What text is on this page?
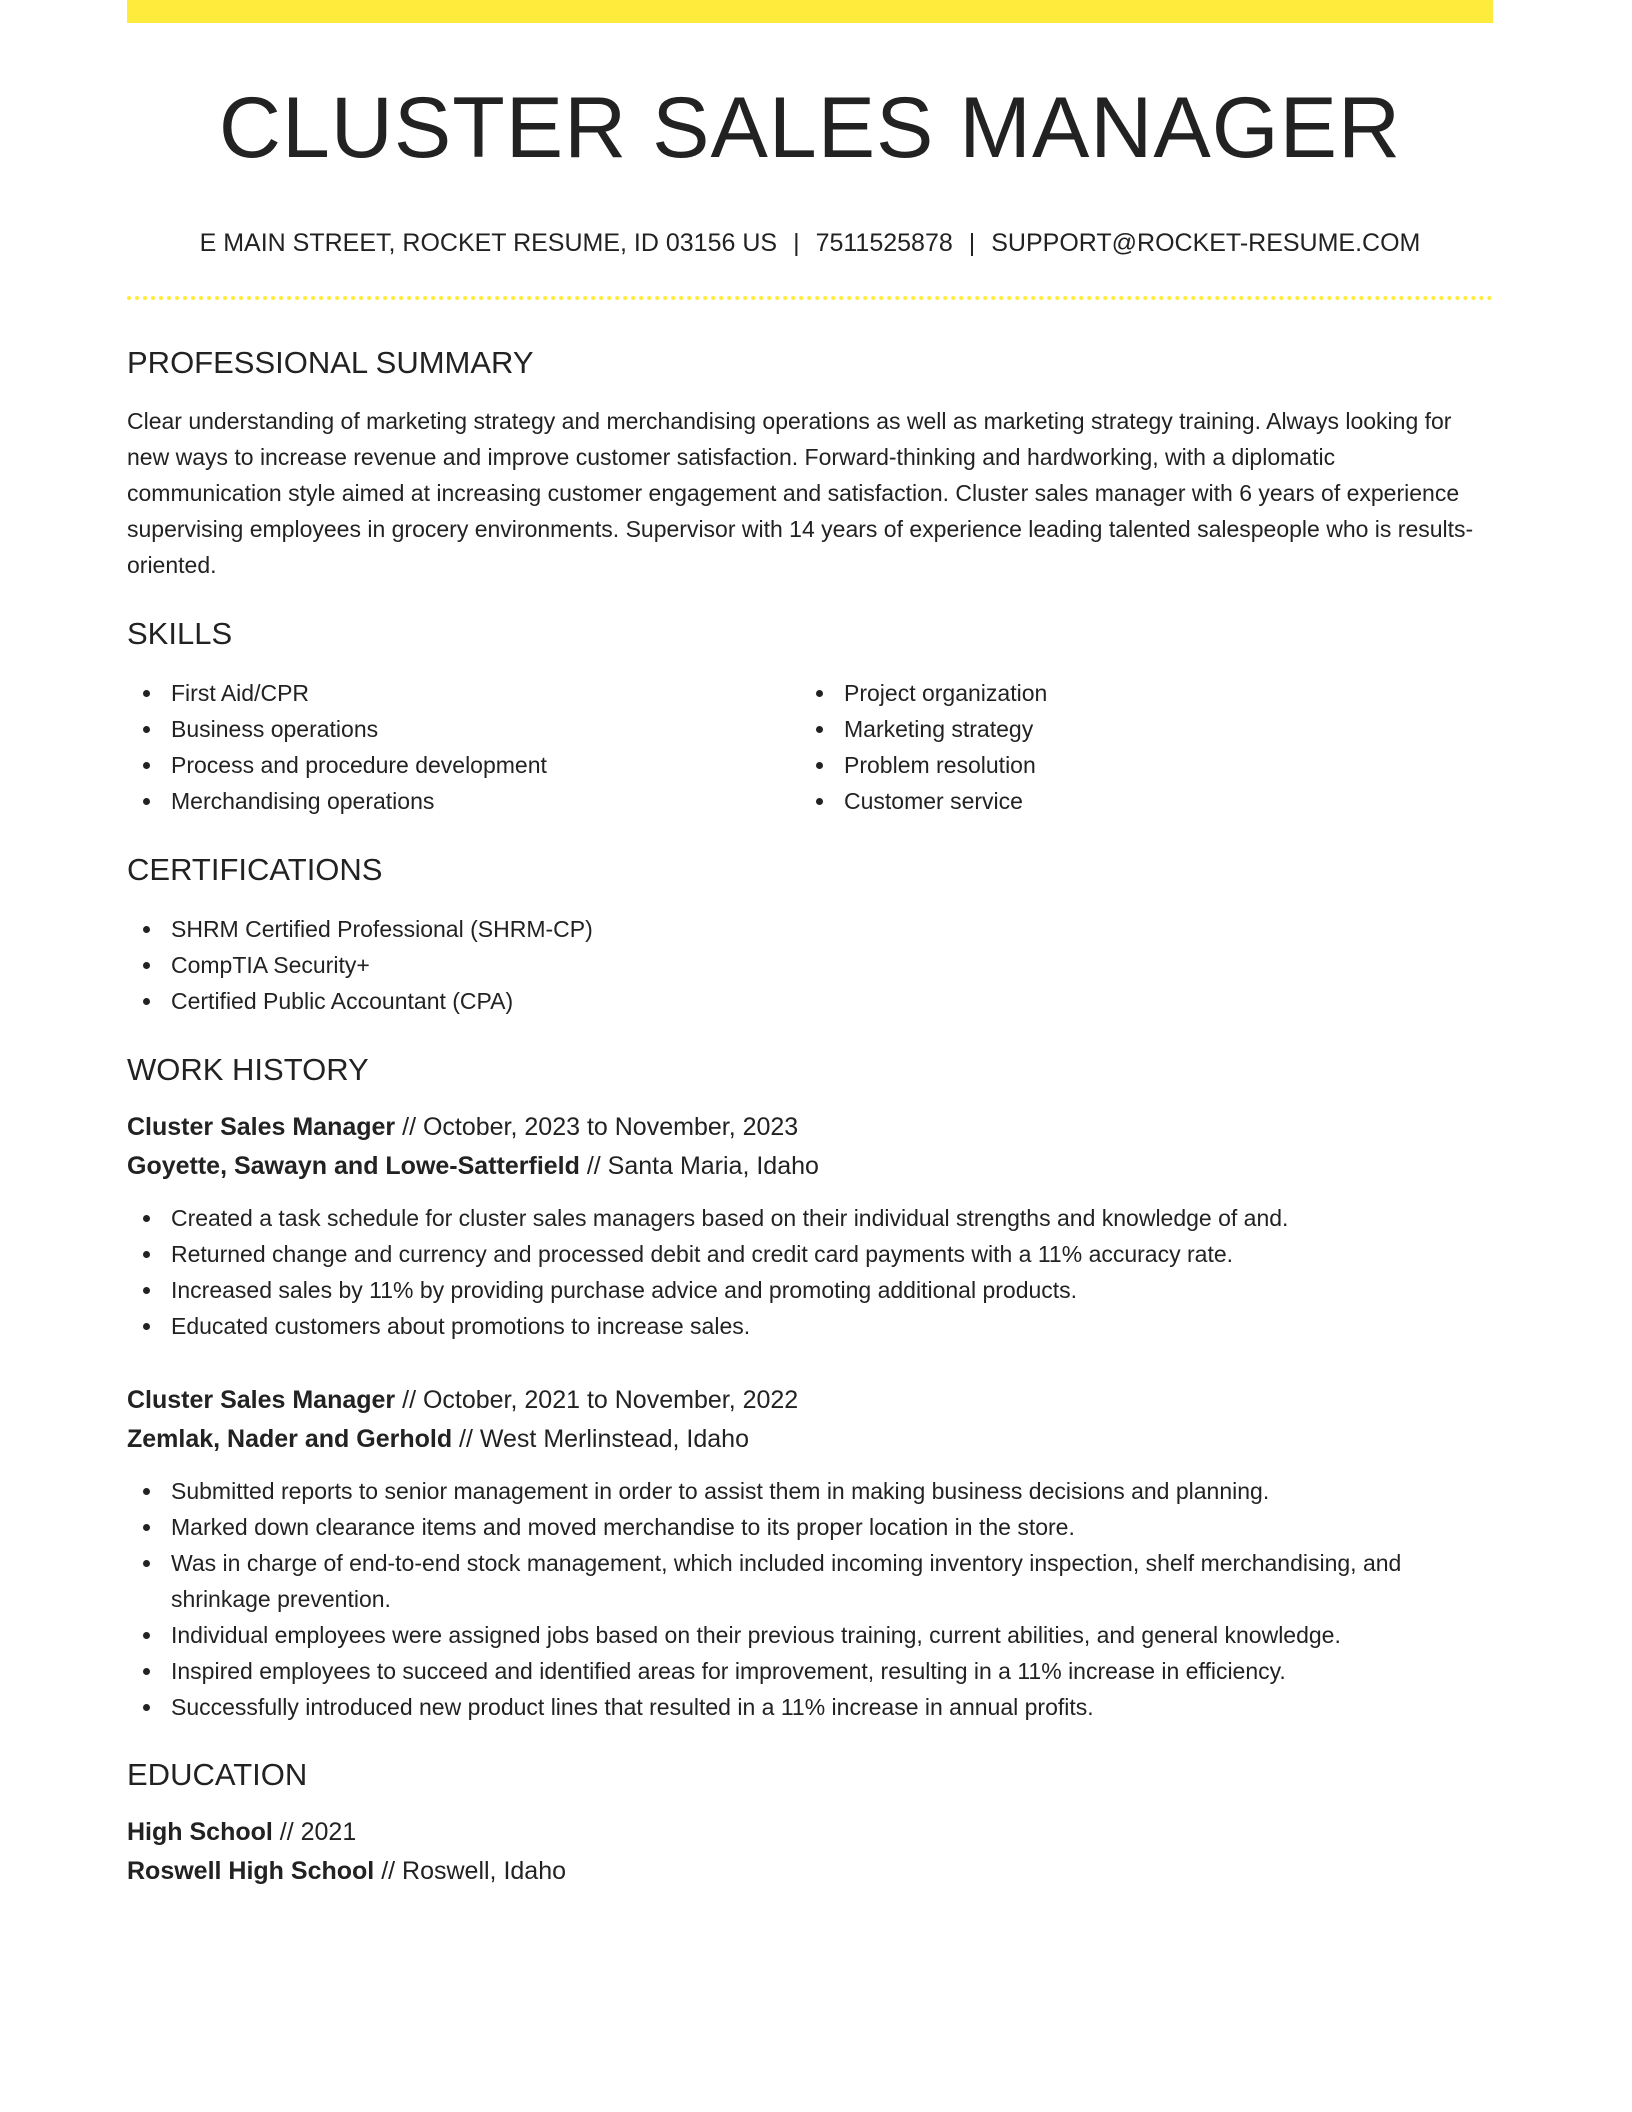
CLUSTER SALES MANAGER
E MAIN STREET, ROCKET RESUME, ID 03156 US | 7511525878 | SUPPORT@ROCKET-RESUME.COM
PROFESSIONAL SUMMARY
Clear understanding of marketing strategy and merchandising operations as well as marketing strategy training. Always looking for new ways to increase revenue and improve customer satisfaction. Forward-thinking and hardworking, with a diplomatic communication style aimed at increasing customer engagement and satisfaction. Cluster sales manager with 6 years of experience supervising employees in grocery environments. Supervisor with 14 years of experience leading talented salespeople who is results-oriented.
SKILLS
First Aid/CPR
Business operations
Process and procedure development
Merchandising operations
Project organization
Marketing strategy
Problem resolution
Customer service
CERTIFICATIONS
SHRM Certified Professional (SHRM-CP)
CompTIA Security+
Certified Public Accountant (CPA)
WORK HISTORY
Cluster Sales Manager // October, 2023 to November, 2023
Goyette, Sawayn and Lowe-Satterfield // Santa Maria, Idaho
Created a task schedule for cluster sales managers based on their individual strengths and knowledge of and.
Returned change and currency and processed debit and credit card payments with a 11% accuracy rate.
Increased sales by 11% by providing purchase advice and promoting additional products.
Educated customers about promotions to increase sales.
Cluster Sales Manager // October, 2021 to November, 2022
Zemlak, Nader and Gerhold // West Merlinstead, Idaho
Submitted reports to senior management in order to assist them in making business decisions and planning.
Marked down clearance items and moved merchandise to its proper location in the store.
Was in charge of end-to-end stock management, which included incoming inventory inspection, shelf merchandising, and shrinkage prevention.
Individual employees were assigned jobs based on their previous training, current abilities, and general knowledge.
Inspired employees to succeed and identified areas for improvement, resulting in a 11% increase in efficiency.
Successfully introduced new product lines that resulted in a 11% increase in annual profits.
EDUCATION
High School // 2021
Roswell High School // Roswell, Idaho
